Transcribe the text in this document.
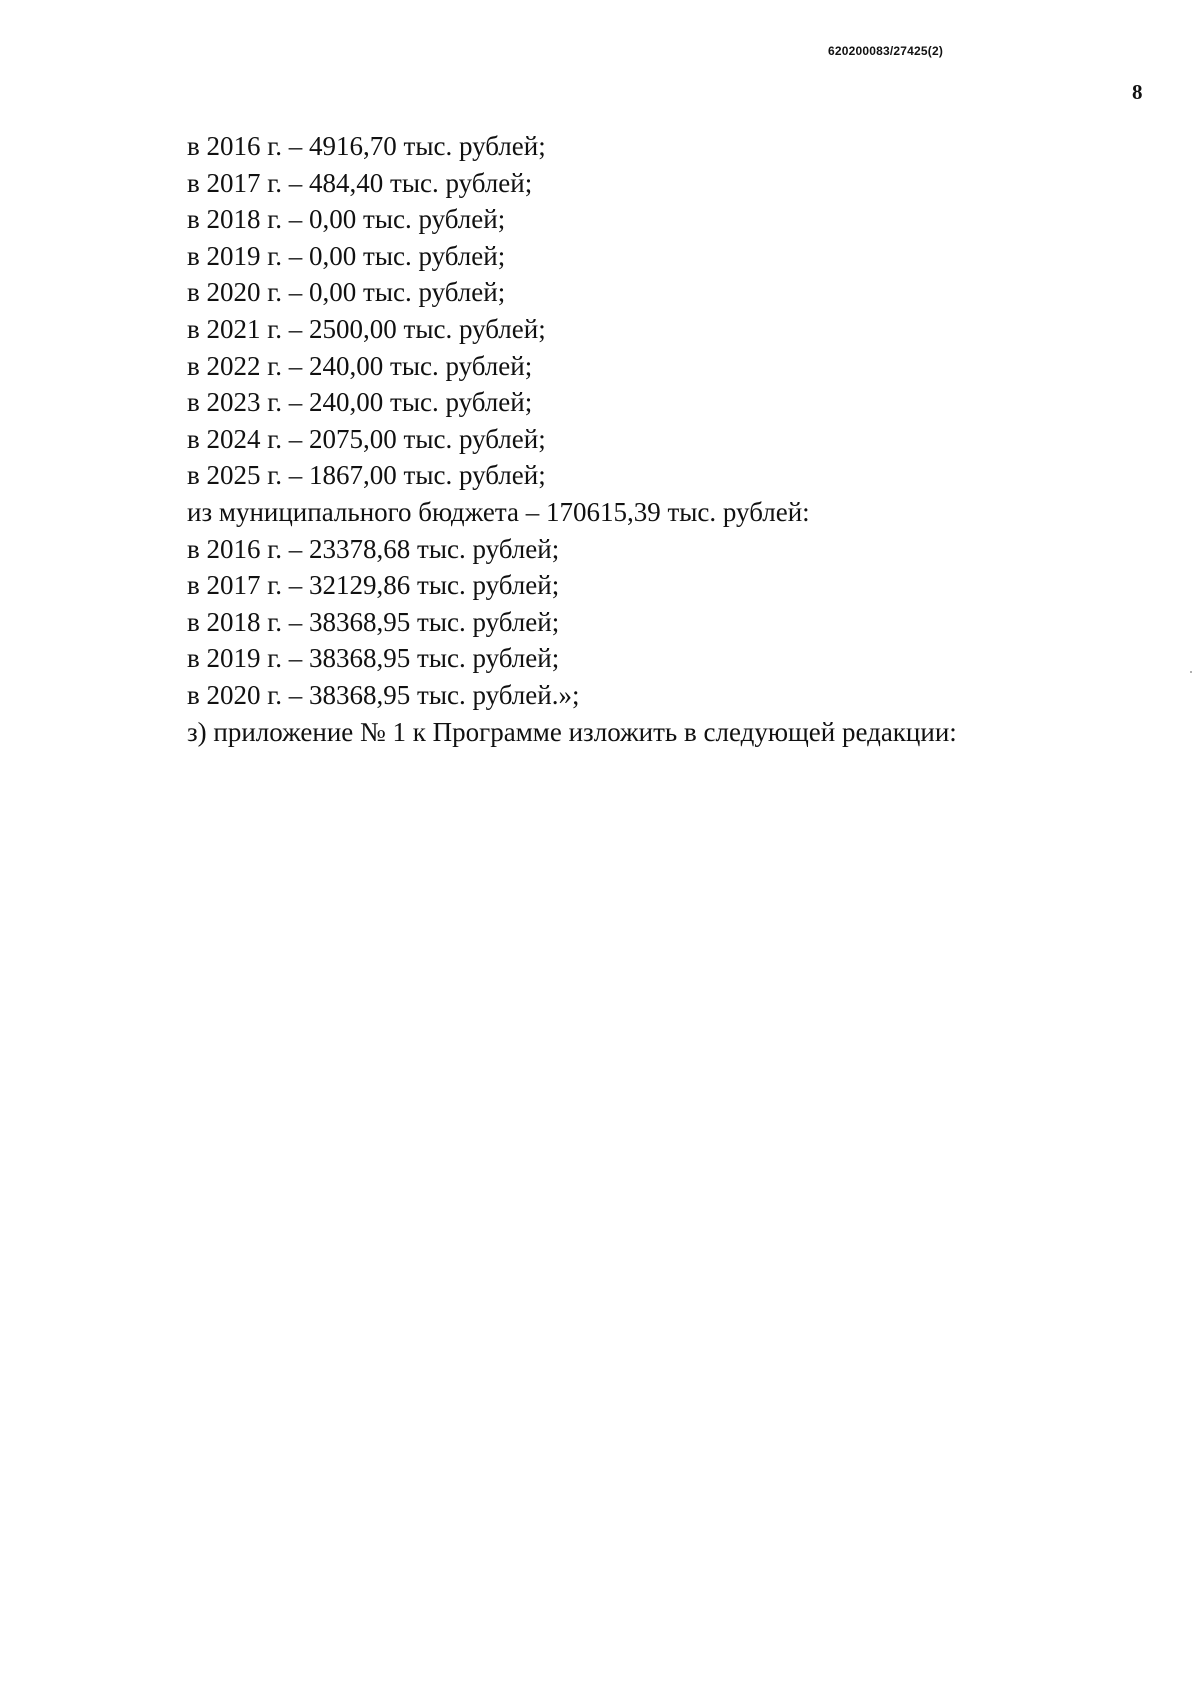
620200083/27425(2)
8
в 2016 г. – 4916,70 тыс. рублей;
в 2017 г. – 484,40 тыс. рублей;
в 2018 г. – 0,00 тыс. рублей;
в 2019 г. – 0,00 тыс. рублей;
в 2020 г. – 0,00 тыс. рублей;
в 2021 г. – 2500,00 тыс. рублей;
в 2022 г. – 240,00 тыс. рублей;
в 2023 г. – 240,00 тыс. рублей;
в 2024 г. – 2075,00 тыс. рублей;
в 2025 г. – 1867,00 тыс. рублей;
из муниципального бюджета – 170615,39 тыс. рублей:
в 2016 г. – 23378,68 тыс. рублей;
в 2017 г. – 32129,86 тыс. рублей;
в 2018 г. – 38368,95 тыс. рублей;
в 2019 г. – 38368,95 тыс. рублей;
в 2020 г. – 38368,95 тыс. рублей.»;
з) приложение № 1 к Программе изложить в следующей редакции:
